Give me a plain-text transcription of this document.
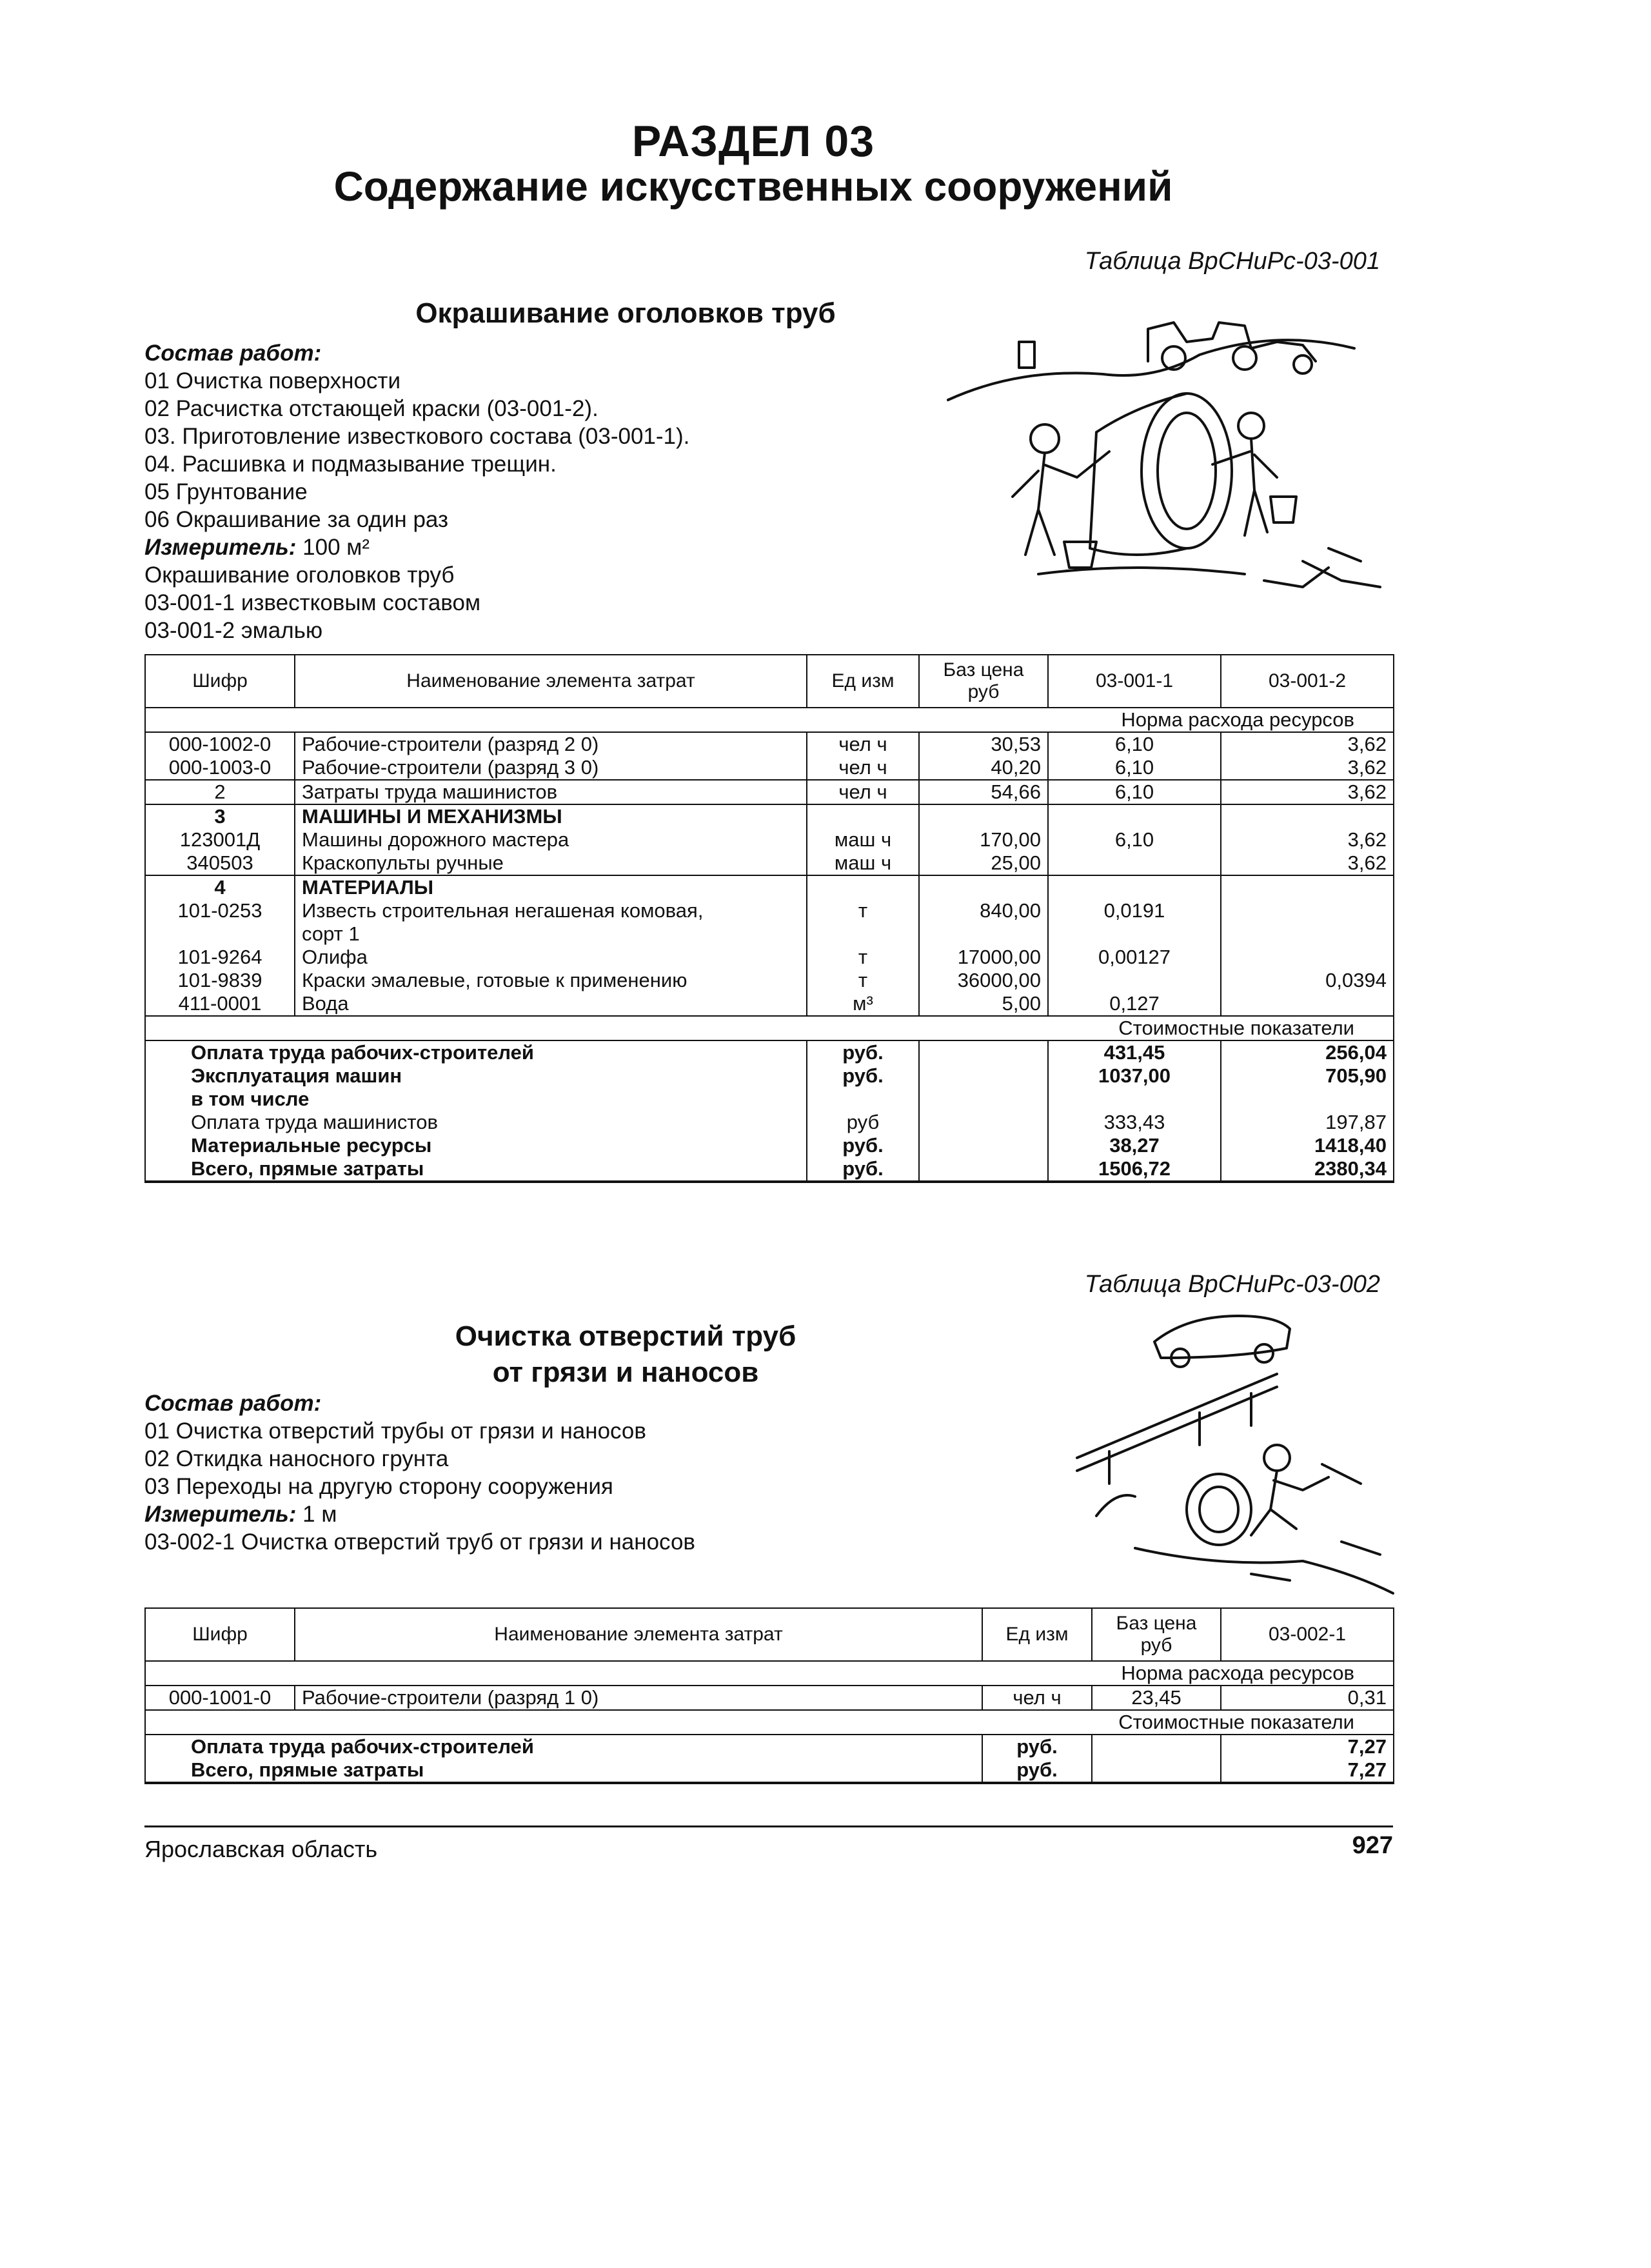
РАЗДЕЛ 03
Содержание искусственных сооружений
Таблица ВрСНиРс-03-001
Окрашивание оголовков труб
Состав работ:
01 Очистка поверхности
02 Расчистка отстающей краски (03-001-2).
03. Приготовление известкового состава (03-001-1).
04. Расшивка и подмазывание трещин.
05 Грунтование
06 Окрашивание за один раз
Измеритель: 100 м²
Окрашивание оголовков труб
03-001-1 известковым составом
03-001-2 эмалью
Шифр	Наименование элемента затрат	Ед изм	Баз цена руб	03-001-1	03-001-2
Норма расхода ресурсов					
000-1002-0	Рабочие-строители (разряд 2 0)	чел ч	30,53	6,10	3,62
000-1003-0	Рабочие-строители (разряд 3 0)	чел ч	40,20	6,10	3,62
2	Затраты труда машинистов	чел ч	54,66	6,10	3,62
3	МАШИНЫ И МЕХАНИЗМЫ				
123001Д	Машины дорожного мастера	маш ч	170,00	6,10	3,62
340503	Краскопульты ручные	маш ч	25,00		3,62
4	МАТЕРИАЛЫ				
101-0253	Известь строительная негашеная комовая,	т	840,00	0,0191	
	сорт 1				
101-9264	Олифа	т	17000,00	0,00127	
101-9839	Краски эмалевые, готовые к применению	т	36000,00		0,0394
411-0001	Вода	м³	5,00	0,127	
Стоимостные показатели					
Оплата труда рабочих-строителей		руб.		431,45	256,04
Эксплуатация машин		руб.		1037,00	705,90
в том числе					
Оплата труда машинистов		руб		333,43	197,87
Материальные ресурсы		руб.		38,27	1418,40
Всего, прямые затраты		руб.		1506,72	2380,34
Таблица ВрСНиРс-03-002
Очистка отверстий труб
от грязи и наносов
Состав работ:
01 Очистка отверстий трубы от грязи и наносов
02 Откидка наносного грунта
03 Переходы на другую сторону сооружения
Измеритель: 1 м
03-002-1 Очистка отверстий труб от грязи и наносов
Шифр	Наименование элемента затрат	Ед изм	Баз цена руб	03-002-1
Норма расхода ресурсов				
000-1001-0	Рабочие-строители (разряд 1 0)	чел ч	23,45	0,31
Стоимостные показатели				
Оплата труда рабочих-строителей		руб.		7,27
Всего, прямые затраты		руб.		7,27
Ярославская область	927
